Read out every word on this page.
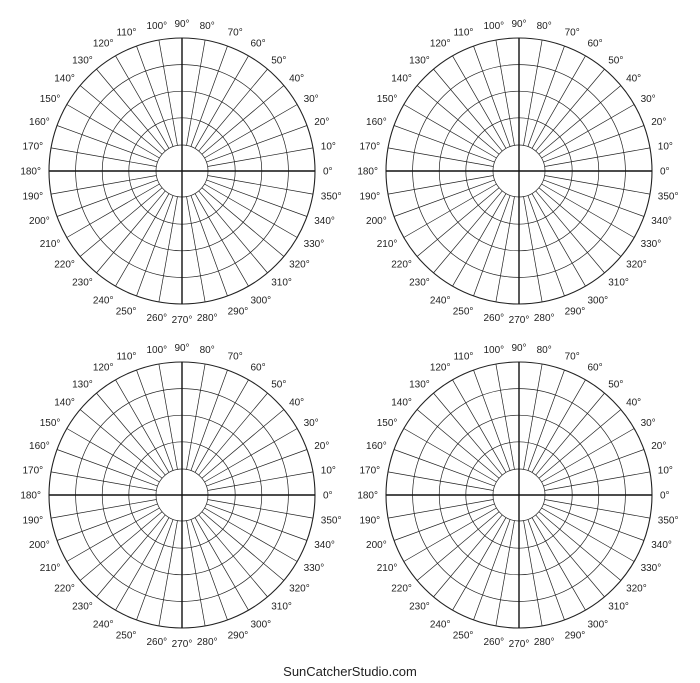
0°
10°
20°
30°
40°
50°
60°
70°
80°
90°
100°
110°
120°
130°
140°
150°
160°
170°
180°
190°
200°
210°
220°
230°
240°
250°
260° 270° 280°
290°
300°
310°
320°
330°
340°
350°
0°
10°
20°
30°
40°
50°
60°
70°
80°
90°
100°
110°
120°
130°
140°
150°
160°
170°
180°
190°
200°
210°
220°
230°
240°
250°
260° 270° 280°
290°
300°
310°
320°
330°
340°
350°
0°
10°
20°
30°
40°
50°
60°
70°
80°
90°
100°
110°
120°
130°
140°
150°
160°
170°
180°
190°
200°
210°
220°
230°
240°
250°
260° 270° 280°
290°
300°
310°
320°
330°
340°
350°
0°
10°
20°
30°
40°
50°
60°
70°
80°
90°
100°
110°
120°
130°
140°
150°
160°
170°
180°
190°
200°
210°
220°
230°
240°
250°
260° 270° 280°
290°
300°
310°
320°
330°
340°
350°
SunCatcherStudio.com
